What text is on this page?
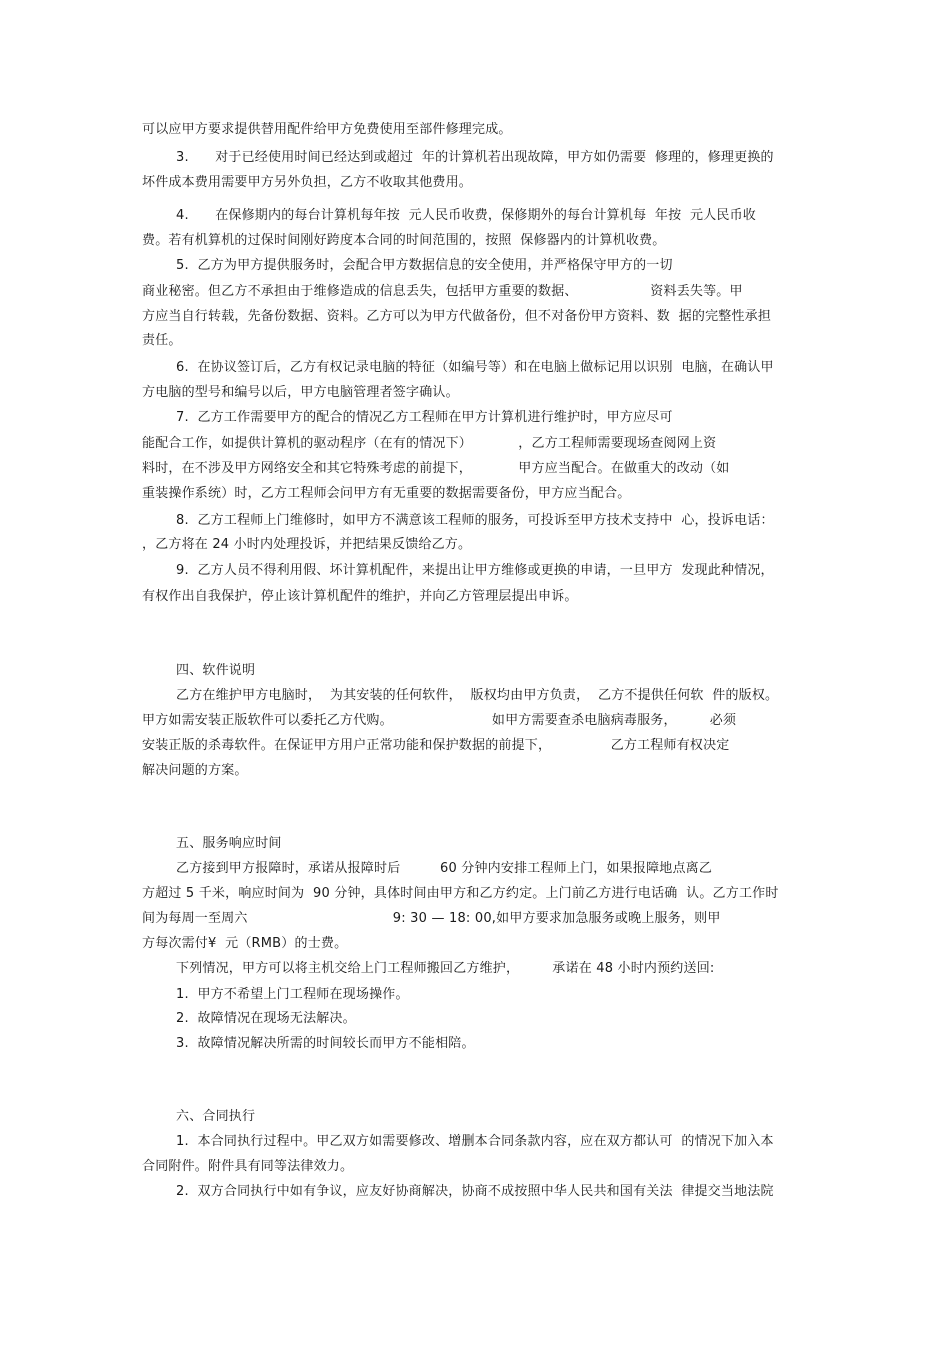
可以应甲方要求提供替用配件给甲方免费使用至部件修理完成。
3.　　对于已经使用时间已经达到或超过  年的计算机若出现故障，甲方如仍需要  修理的，修理更换的
坏件成本费用需要甲方另外负担，乙方不收取其他费用。
4.　　在保修期内的每台计算机每年按  元人民币收费，保修期外的每台计算机每  年按  元人民币收
费。若有机算机的过保时间刚好跨度本合同的时间范围的，按照  保修器内的计算机收费。
5.  乙方为甲方提供服务时，会配合甲方数据信息的安全使用，并严格保守甲方的一切
商业秘密。但乙方不承担由于维修造成的信息丢失，包括甲方重要的数据、　　　　　　资料丢失等。甲
方应当自行转载，先备份数据、资料。乙方可以为甲方代做备份，但不对备份甲方资料、数  据的完整性承担
责任。
6.  在协议签订后，乙方有权记录电脑的特征（如编号等）和在电脑上做标记用以识别  电脑，在确认甲
方电脑的型号和编号以后，甲方电脑管理者签字确认。
7.  乙方工作需要甲方的配合的情况乙方工程师在甲方计算机进行维护时，甲方应尽可
能配合工作，如提供计算机的驱动程序（在有的情况下）　　　　，乙方工程师需要现场查阅网上资
料时，在不涉及甲方网络安全和其它特殊考虑的前提下，　　　　甲方应当配合。在做重大的改动（如
重装操作系统）时，乙方工程师会问甲方有无重要的数据需要备份，甲方应当配合。
8.  乙方工程师上门维修时，如甲方不满意该工程师的服务，可投诉至甲方技术支持中  心，投诉电话：
，乙方将在 24 小时内处理投诉，并把结果反馈给乙方。
9.  乙方人员不得利用假、坏计算机配件，来提出让甲方维修或更换的申请，一旦甲方  发现此种情况，
有权作出自我保护，停止该计算机配件的维护，并向乙方管理层提出申诉。
四、软件说明
乙方在维护甲方电脑时，  为其安装的任何软件，  版权均由甲方负责，  乙方不提供任何软  件的版权。
甲方如需安装正版软件可以委托乙方代购。　　　　　　　　如甲方需要查杀电脑病毒服务，　　　必须
安装正版的杀毒软件。在保证甲方用户正常功能和保护数据的前提下，　　　　　乙方工程师有权决定
解决问题的方案。
五、服务响应时间
乙方接到甲方报障时，承诺从报障时后　　　60 分钟内安排工程师上门，如果报障地点离乙
方超过 5 千米，响应时间为  90 分钟，具体时间由甲方和乙方约定。上门前乙方进行电话确  认。乙方工作时
间为每周一至周六　　　　　　　　　　　9: 30 — 18: 00,如甲方要求加急服务或晚上服务，则甲
方每次需付¥  元（RMB）的士费。
下列情况，甲方可以将主机交给上门工程师搬回乙方维护，　　　承诺在 48 小时内预约送回:
1.  甲方不希望上门工程师在现场操作。
2.  故障情况在现场无法解决。
3.  故障情况解决所需的时间较长而甲方不能相陪。
六、合同执行
1.  本合同执行过程中。甲乙双方如需要修改、增删本合同条款内容，应在双方都认可  的情况下加入本
合同附件。附件具有同等法律效力。
2.  双方合同执行中如有争议，应友好协商解决，协商不成按照中华人民共和国有关法  律提交当地法院
